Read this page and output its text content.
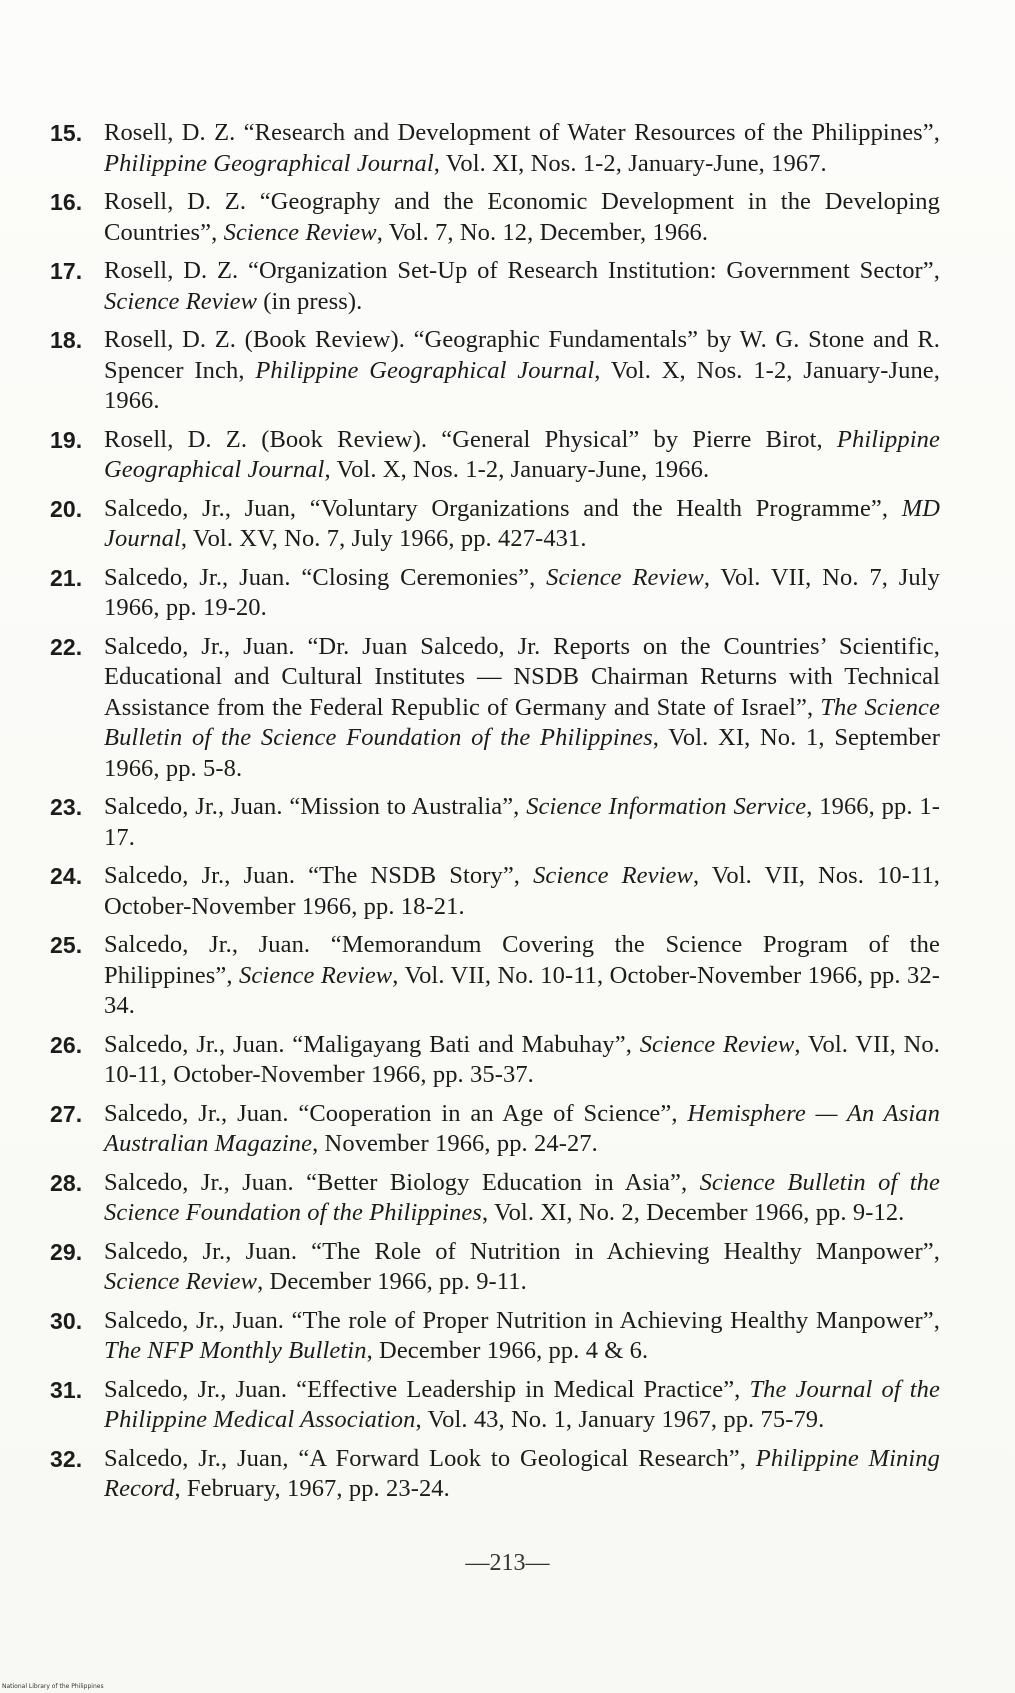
15. Rosell, D. Z. “Research and Development of Water Resources of the Philippines”, Philippine Geographical Journal, Vol. XI, Nos. 1-2, January-June, 1967.
16. Rosell, D. Z. “Geography and the Economic Development in the Developing Countries”, Science Review, Vol. 7, No. 12, December, 1966.
17. Rosell, D. Z. “Organization Set-Up of Research Institution: Government Sector”, Science Review (in press).
18. Rosell, D. Z. (Book Review). “Geographic Fundamentals” by W. G. Stone and R. Spencer Inch, Philippine Geographical Journal, Vol. X, Nos. 1-2, January-June, 1966.
19. Rosell, D. Z. (Book Review). “General Physical” by Pierre Birot, Philippine Geographical Journal, Vol. X, Nos. 1-2, January-June, 1966.
20. Salcedo, Jr., Juan, “Voluntary Organizations and the Health Programme”, MD Journal, Vol. XV, No. 7, July 1966, pp. 427-431.
21. Salcedo, Jr., Juan. “Closing Ceremonies”, Science Review, Vol. VII, No. 7, July 1966, pp. 19-20.
22. Salcedo, Jr., Juan. “Dr. Juan Salcedo, Jr. Reports on the Countries’ Scientific, Educational and Cultural Institutes — NSDB Chairman Returns with Technical Assistance from the Federal Republic of Germany and State of Israel”, The Science Bulletin of the Science Foundation of the Philippines, Vol. XI, No. 1, September 1966, pp. 5-8.
23. Salcedo, Jr., Juan. “Mission to Australia”, Science Information Service, 1966, pp. 1-17.
24. Salcedo, Jr., Juan. “The NSDB Story”, Science Review, Vol. VII, Nos. 10-11, October-November 1966, pp. 18-21.
25. Salcedo, Jr., Juan. “Memorandum Covering the Science Program of the Philippines”, Science Review, Vol. VII, No. 10-11, October-November 1966, pp. 32-34.
26. Salcedo, Jr., Juan. “Maligayang Bati and Mabuhay”, Science Review, Vol. VII, No. 10-11, October-November 1966, pp. 35-37.
27. Salcedo, Jr., Juan. “Cooperation in an Age of Science”, Hemisphere — An Asian Australian Magazine, November 1966, pp. 24-27.
28. Salcedo, Jr., Juan. “Better Biology Education in Asia”, Science Bulletin of the Science Foundation of the Philippines, Vol. XI, No. 2, December 1966, pp. 9-12.
29. Salcedo, Jr., Juan. “The Role of Nutrition in Achieving Healthy Manpower”, Science Review, December 1966, pp. 9-11.
30. Salcedo, Jr., Juan. “The role of Proper Nutrition in Achieving Healthy Manpower”, The NFP Monthly Bulletin, December 1966, pp. 4 & 6.
31. Salcedo, Jr., Juan. “Effective Leadership in Medical Practice”, The Journal of the Philippine Medical Association, Vol. 43, No. 1, January 1967, pp. 75-79.
32. Salcedo, Jr., Juan, “A Forward Look to Geological Research”, Philippine Mining Record, February, 1967, pp. 23-24.
—213—
National Library of the Philippines
